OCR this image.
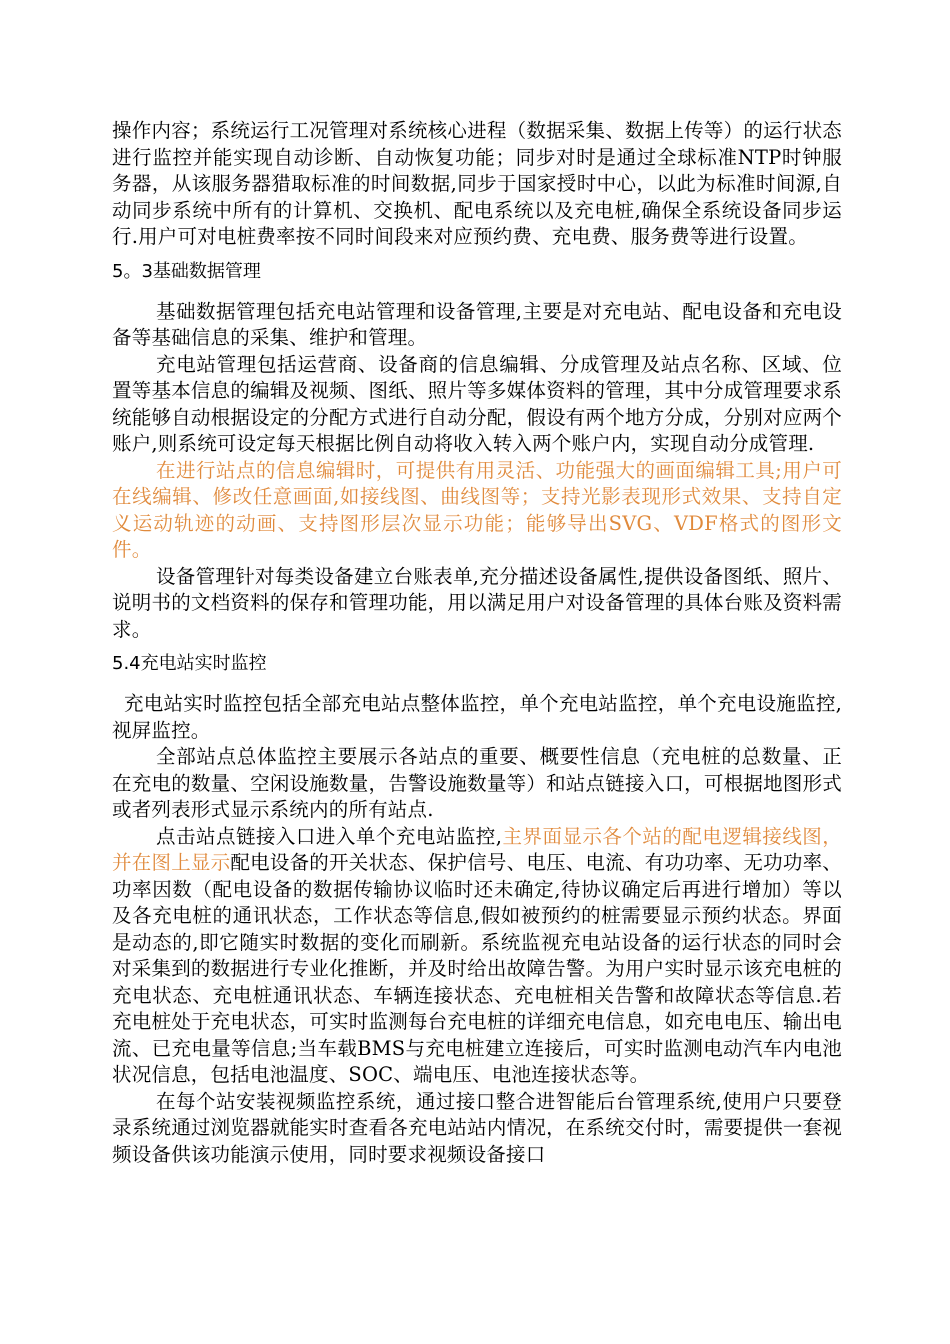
操作内容；系统运行工况管理对系统核心进程（数据采集、数据上传等）的运行状态进行监控并能实现自动诊断、自动恢复功能；同步对时是通过全球标准NTP时钟服务器，从该服务器猎取标准的时间数据,同步于国家授时中心，以此为标准时间源,自动同步系统中所有的计算机、交换机、配电系统以及充电桩,确保全系统设备同步运行.用户可对电桩费率按不同时间段来对应预约费、充电费、服务费等进行设置。

5。3基础数据管理

基础数据管理包括充电站管理和设备管理,主要是对充电站、配电设备和充电设备等基础信息的采集、维护和管理。

充电站管理包括运营商、设备商的信息编辑、分成管理及站点名称、区域、位置等基本信息的编辑及视频、图纸、照片等多媒体资料的管理，其中分成管理要求系统能够自动根据设定的分配方式进行自动分配，假设有两个地方分成，分别对应两个账户,则系统可设定每天根据比例自动将收入转入两个账户内，实现自动分成管理.

在进行站点的信息编辑时，可提供有用灵活、功能强大的画面编辑工具;用户可在线编辑、修改任意画面,如接线图、曲线图等；支持光影表现形式效果、支持自定义运动轨迹的动画、支持图形层次显示功能；能够导出SVG、VDF格式的图形文件。

设备管理针对每类设备建立台账表单,充分描述设备属性,提供设备图纸、照片、说明书的文档资料的保存和管理功能，用以满足用户对设备管理的具体台账及资料需求。

5.4充电站实时监控

充电站实时监控包括全部充电站点整体监控，单个充电站监控，单个充电设施监控,视屏监控。

全部站点总体监控主要展示各站点的重要、概要性信息（充电桩的总数量、正在充电的数量、空闲设施数量，告警设施数量等）和站点链接入口，可根据地图形式或者列表形式显示系统内的所有站点.

点击站点链接入口进入单个充电站监控,主界面显示各个站的配电逻辑接线图，并在图上显示配电设备的开关状态、保护信号、电压、电流、有功功率、无功功率、功率因数（配电设备的数据传输协议临时还未确定,待协议确定后再进行增加）等以及各充电桩的通讯状态，工作状态等信息,假如被预约的桩需要显示预约状态。界面是动态的,即它随实时数据的变化而刷新。系统监视充电站设备的运行状态的同时会对采集到的数据进行专业化推断，并及时给出故障告警。为用户实时显示该充电桩的充电状态、充电桩通讯状态、车辆连接状态、充电桩相关告警和故障状态等信息.若充电桩处于充电状态，可实时监测每台充电桩的详细充电信息，如充电电压、输出电流、已充电量等信息;当车载BMS与充电桩建立连接后，可实时监测电动汽车内电池状况信息，包括电池温度、SOC、端电压、电池连接状态等。

在每个站安装视频监控系统，通过接口整合进智能后台管理系统,使用户只要登录系统通过浏览器就能实时查看各充电站站内情况，在系统交付时，需要提供一套视频设备供该功能演示使用，同时要求视频设备接口
